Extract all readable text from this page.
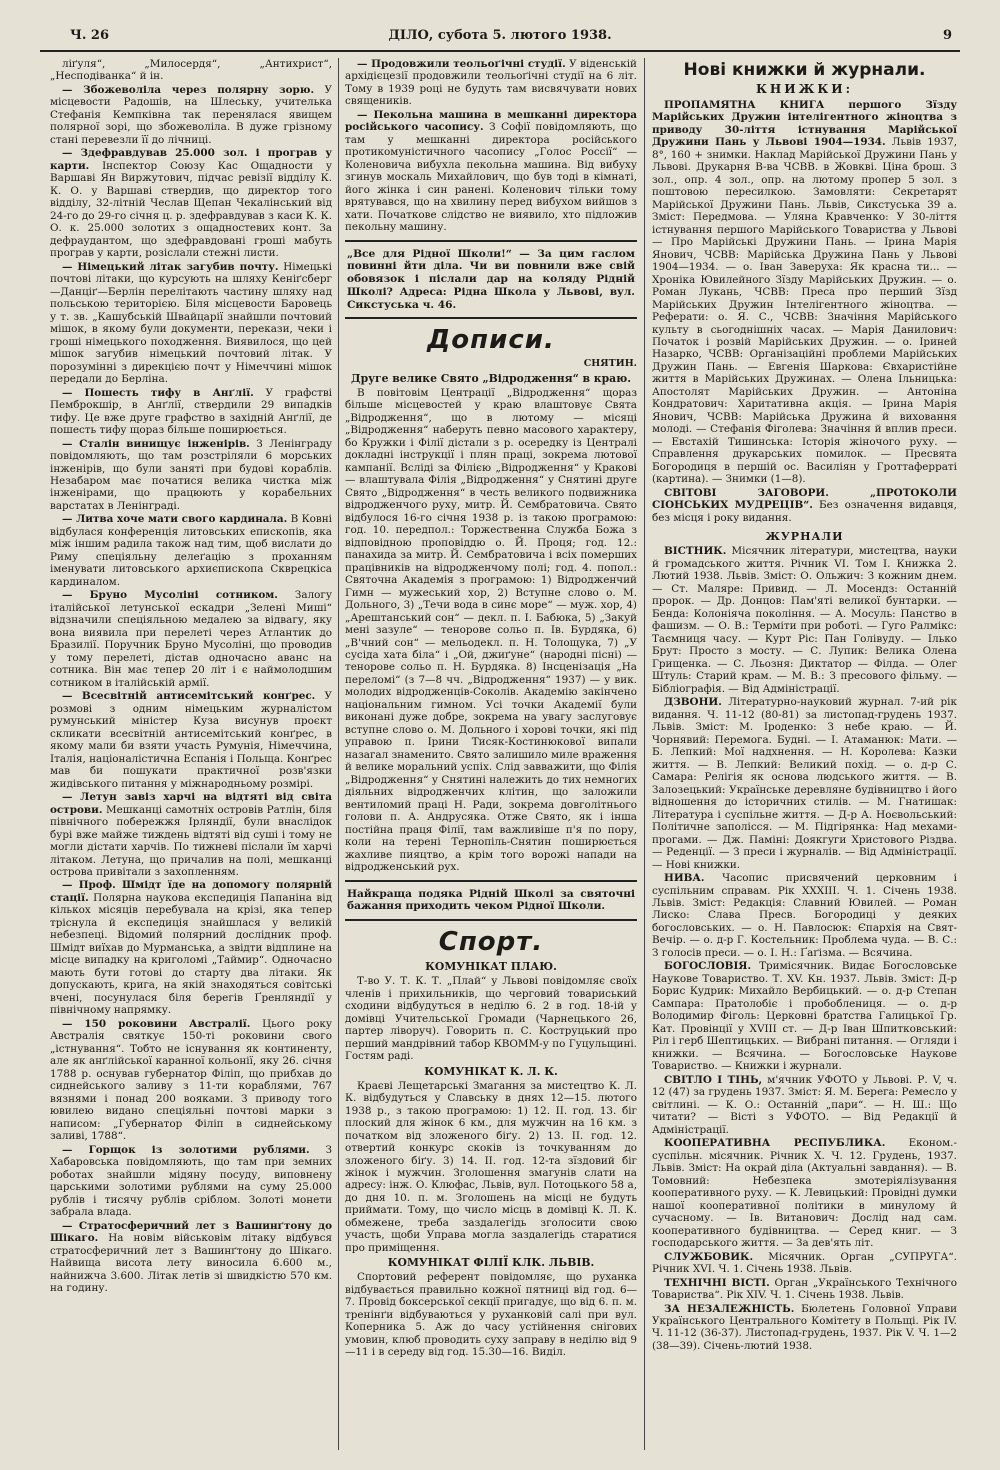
Ч. 26	ДІЛО, субота 5. лютого 1938.	9

ліґуля“, „Милосердя“, „Антихрист“, „Несподіванка“ й ін.

— Збожеволіла через полярну зорю. У місцевости Радошів, на Шлеську, учителька Стефанія Кемпківна так перенялася явищем полярної зорі, що збожеволіла. В дуже грізному стані перевезли її до лічниці.

— Здефравдував 25.000 зол. і програв у карти. Інспектор Союзу Кас Ощадности у Варшаві Ян Виржутович, підчас ревізії відділу К. К. О. у Варшаві ствердив, що директор того відділу, 32-літній Чеслав Щепан Чекалінський від 24-го до 29-го січня ц. р. здефравдував з каси К. К. О. к. 25.000 золотих з ощадностевих конт. За дефраудантом, що здефравдовані гроші мабуть програв у карти, розіслали стежні листи.

— Німецький літак загубив почту. Німецькі почтові літаки, що курсують на шляху Кеніґсберг—Данціґ—Берлін перелітають частину шляху над польською територією. Біля місцевости Баровець у т. зв. „Кашубській Швайцарії знайшли почтовий мішок, в якому були документи, перекази, чеки і гроші німецького походження. Виявилося, що цей мішок загубив німецький почтовий літак. У порозумінні з дирекцією почт у Німеччині мішок передали до Берліна.

— Пошесть тифу в Анґлії. У графстві Пемброкшір, в Анґлії, ствердили 29 випадків тифу. Це вже друге графство в західній Анґлії, де пошесть тифу щораз більше поширюється.

— Сталін винищує інженірів. З Ленінграду повідомляють, що там розстріляли 6 морських інженірів, що були заняті при будові кораблів. Незабаром має початися велика чистка між інженірами, що працюють у корабельних варстатах в Ленінграді.

— Литва хоче мати свого кардинала. В Ковні відбулася конференція литовських епископів, яка між іншим радила також над тим, щоб вислати до Риму спеціяльну делеґацію з проханням іменувати литовського архиєпископа Скврецкіса кардиналом.

— Бруно Мусоліні сотником. Залогу італійської летунської ескадри „Зелені Миші“ відзначили спеціяльною медалею за відвагу, яку вона виявила при перелеті через Атлантик до Бразилії. Поручник Бруно Мусоліні, що проводив у тому перелеті, дістав одночасно аванс на сотника. Він має тепер 20 літ і є наймолодшим сотником в італійській армії.

— Всесвітній антисемітський конґрес. У розмові з одним німецьким журналістом румунський міністер Куза висунув проєкт скликати всесвітній антисемітський конґрес, в якому мали би взяти участь Румунія, Німеччина, Італія, націоналістична Еспанія і Польща. Конґрес мав би пошукати практичної розв'язки жидівського питання у міжнародньому розмірі.

— Летун завіз харчі на відтяті від світа острови. Мешканці самотніх островів Ратлін, біля північного побережжя Ірляндії, були внаслідок бурі вже майже тиждень відтяті від суші і тому не могли дістати харчів. По тижневі післали їм харчі літаком. Летуна, що причалив на полі, мешканці острова привітали з захопленням.

— Проф. Шмідт їде на допомогу полярній стації. Полярна наукова експедиція Папаніна від кількох місяців перебувала на крізі, яка тепер тріснула й експедиція знайшлася у великій небезпеці. Відомий полярний дослідник проф. Шмідт виїхав до Мурманська, а звідти відплине на місце випадку на криголомі „Таймир“. Одночасно мають бути готові до старту два літаки. Як допускають, крига, на якій знаходяться совітські вчені, посунулася біля берегів Ґренляндії у північному напрямку.

— 150 роковини Австралії. Цього року Австралія святкує 150-ті роковини свого „істнування“. Тобто не існування як континенту, але як анґлійської каранної кольонії, яку 26. січня 1788 р. оснував губернатор Філіп, що прибхав до сиднейського заливу з 11-ти кораблями, 767 вязнями і понад 200 вояками. З приводу того ювилею видано спеціяльні почтові марки з написом: „Губернатор Філіп в сиднейському заливі, 1788“.

— Горщок із золотими рублями. З Хабаровська повідомляють, що там при земних роботах знайшли мідяну посуду, виповнену царськими золотими рублями на суму 25.000 рублів і тисячу рублів сріблом. Золоті монети забрала влада.

— Стратосферичний лет з Вашинґтону до Шікаго. На новім військовім літаку відбувся стратосферичний лет з Вашинґтону до Шікаго. Найвища висота лету виносила 6.600 м., найнижча 3.600. Літак летів зі швидкістю 570 км. на годину.

— Продовжили теольоґічні студії. У віденській архідієцезії продовжили теольоґічні студії на 6 літ. Тому в 1939 році не будуть там висвячувати нових священиків.

— Пекольна машина в мешканні директора російського часопису. З Софії повідомляють, що там у мешканні директора російського протикомуністичного часопису „Голос Россії“ — Коленовича вибухла пекольна машина. Від вибуху згинув москаль Михайлович, що був тоді в кімнаті, його жінка і син ранені. Коленович тільки тому врятувався, що на хвилину перед вибухом вийшов з хати. Початкове слідство не виявило, хто підложив пекольну машину.

„Все для Рідної Школи!“ — За цим гаслом повинні йти діла. Чи ви повнили вже свій обовязок і післали дар на коляду Рідній Школі? Адреса: Рідна Школа у Львові, вул. Сикстуська ч. 46.
Дописи.
СНЯТИН.
Друге велике Свято „Відродження“ в краю.

В повітовім Центрації „Відродження“ щораз більше місцевостей у краю влаштовує Свята „Відродження“, що в лютому — місяці „Відродження“ наберуть певно масового характеру, бо Кружки і Філії дістали з р. осередку із Централі докладні інструкції і плян праці, зокрема лютової кампанії. Всліді за Філією „Відродження“ у Кракові — влаштувала Філія „Відродження“ у Снятині друге Свято „Відродження“ в честь великого подвижника відродженчого руху, митр. Й. Сембратовича. Свято відбулося 16-го січня 1938 р. із такою програмою: год. 10. передпол.: Торжественна Служба Божа з відповідною проповіддю о. Й. Проця; год. 12.: панахида за митр. Й. Сембратовича і всіх померших працівників на відродженчому полі; год. 4. попол.: Святочна Академія з програмою: 1) Відродженчий Гимн — мужеський хор, 2) Вступне слово о. М. Дольного, 3) „Течи вода в синє море“ — муж. хор, 4) „Арештанський сон“ — декл. п. І. Бабюка, 5) „Закуй мені зазуле“ — тенорове сольо п. Ів. Бурдяка, 6) „В'чний сон“ — мельодекл. п. Н. Толощука, 7) „У сусіда хата біла“ і „Ой, джиґуне“ (народні пісні) — тенорове сольо п. Н. Бурдяка. 8) Інсценізація „На переломі“ (з 7—8 чч. „Відродження“ 1937) — у вик. молодих відродженців-Соколів. Академію закінчено національним гимном. Усі точки Академії були виконані дуже добре, зокрема на увагу заслуговує вступне слово о. М. Дольного і хорові точки, які під управою п. Ірини Тисяк-Костинюкової випали назагал знаменито. Свято залишило миле враження й велике моральний успіх. Слід завважити, що Філія „Відродження“ у Снятині належить до тих немногих діяльних відродженчих клітин, що заложили вентиломий праці Н. Ради, зокрема довголітнього голови п. А. Андрусяка. Отже Свято, як і інша постійна праця Філії, там важливіше п'я по пору, коли на терені Тернопіль-Снятин поширюється жахливе пияцтво, а крім того ворожі напади на відродженський рух.

Найкраща подяка Рідній Школі за святочні бажання приходить чеком Рідної Школи.
Спорт.
КОМУНІКАТ ПЛАЮ.

Т-во У. Т. К. Т. „Плай“ у Львові повідомляє своїх членів і прихильників, що черговий товариський сходини відбудуться в неділю 6. 2 в год. 18-ій у домівці Учительської Громади (Чарнецького 26, партер ліворуч). Говорить п. С. Коструцький про перший мандрівний табор КВОММ-у по Гуцульщині. Гостям раді.

КОМУНІКАТ К. Л. К.

Краєві Лещетарські Змагання за мистецтво К. Л. К. відбудуться у Славську в днях 12—15. лютого 1938 р., з такою програмою: 1) 12. II. год. 13. біг плоский для жінок 6 км., для мужчин на 16 км. з початком від зложеного біґу. 2) 13. II. год. 12. отвертий конкурс скоків із точкуванням до зложеного біґу. 3) 14. II. год. 12-та зїздовий біг жінок і мужчин. Зголошення змагунів слати на адресу: інж. О. Клюфас, Львів, вул. Потоцького 58 а, до дня 10. п. м. Зголошень на місці не будуть приймати. Тому, що число місць в домівці К. Л. К. обмежене, треба заздалегідь зголосити свою участь, щоби Управа могла заздалегідь старатися про приміщення.

КОМУНІКАТ ФІЛІЇ КЛК. ЛЬВІВ.

Спортовий референт повідомляє, що руханка відбувається правильно кожної пятниці від год. 6—7. Провід боксерської секції пригадує, що від 6. п. м. тренінґи відбуваються у руханковій салі при вул. Коперника 5. Аж до часу устійнення снігових умовин, клюб проводить суху заправу в неділю від 9—11 і в середу від год. 15.30—16. Виділ.

Нові книжки й журнали.
КНИЖКИ:

ПРОПАМЯТНА КНИГА першого Зїзду Марійських Дружин інтелігентного жіноцтва з приводу 30-ліття істнування Марійської Дружини Пань у Львові 1904—1934. Львів 1937, 8°, 160 + знимки. Наклад Марійської Дружини Пань у Львові. Друкарня В-ва ЧСВВ. в Жовкві. Ціна брош. 3 зол., опр. 4 зол., опр. на лютому пропер 5 зол. з поштовою пересилкою. Замовляти: Секретарят Марійської Дружини Пань. Львів, Сикстуська 39 а. Зміст: Передмова. — Уляна Кравченко: У 30-ліття істнування першого Марійського Товариства у Львові — Про Марійські Дружини Пань. — Ірина Марія Янович, ЧСВВ: Марійська Дружина Пань у Львові 1904—1934. — о. Іван Заверуха: Як красна ти... — Хроніка Ювилейного Зїзду Марійських Дружин. — о. Роман Лукань, ЧСВВ: Преса про перший Зїзд Марійських Дружин Інтелігентного жіноцтва. — Реферати: о. Я. С., ЧСВВ: Значіння Марійського культу в сьогоднішніх часах. — Марія Данилович: Початок і розвій Марійських Дружин. — о. Іриней Назарко, ЧСВВ: Організаційні проблеми Марійських Дружин Пань. — Евгенія Шаркова: Євхаристійне життя в Марійських Дружинах. — Олена Ільницька: Апостолят Марійських Дружин. — Антоніна Кондратович: Харитативна акція. — Ірина Марія Янович, ЧСВВ: Марійська Дружина й виховання молоді. — Стефанія Фіголева: Значіння й вплив преси. — Евстахій Тишинська: Історія жіночого руху. — Справлення друкарських помилок. — Пресвята Богородиця в першій ос. Василіян у Гроттаферраті (картина). — Знимки (1—8).

СВІТОВІ ЗАГОВОРИ. „ПРОТОКОЛИ СІОНСЬКИХ МУДРЕЦІВ“. Без означення видавця, без місця і року видання.

ЖУРНАЛИ

ВІСТНИК. Місячник літератури, мистецтва, науки й громадського життя. Річник VI. Том I. Книжка 2. Лютий 1938. Львів. Зміст: О. Ольжич: З кожним днем. — Ст. Маляре: Привид. — Л. Мосендз: Останній пророк. — Др. Донцов: Пам'яті великої бунтарки. — Бенда: Колоніяча покоління. — А. Мосуль: Панство в фашизм. — О. В.: Терміти при роботі. — Гуго Ралмікс: Таємниця часу. — Курт Ріс: Пан Голівуду. — Ілько Брут: Просто з мосту. — С. Лупик: Велика Олена Грищенка. — С. Льозня: Диктатор — Філда. — Олег Штуль: Старий крам. — М. В.: З пресового фільму. — Бібліографія. — Від Адміністрації.

ДЗВОНИ. Літературно-науковий журнал. 7-ий рік видання. Ч. 11-12 (80-81) за листопад-грудень 1937. Львів. Зміст: М. Іроденко: З небе краю. — Й. Чорнявий: Перемога. Будні. — І. Атаманюк: Мати. — Б. Лепкий: Мої надхнення. — Н. Королева: Казки життя. — В. Лепкий: Великий похід. — о. д-р С. Самара: Релігія як основа людського життя. — В. Залозецький: Українське деревляне будівництво і його відношення до історичних стилів. — М. Гнатишак: Література і суспільне життя. — Д-р А. Ноєвольський: Політичне заполісся. — М. Підгірянка: Над мехами-прогами. — Дж. Паміні: Доякгуги Христового Різдва. — Реденції. — З преси і журналів. — Від Адміністрації. — Нові книжки.

НИВА. Часопис присвячений церковним і суспільним справам. Рік XXXIII. Ч. 1. Січень 1938. Львів. Зміст: Редакція: Славний Ювилей. — Роман Лиско: Слава Пресв. Богородиці у деяких богословських. — о. Н. Павлосюк: Єпархія на Свят-Вечір. — о. д-р Г. Костельник: Проблема чуда. — В. С.: З голосів преси. — о. І. Н.: Ґаґізма. — Всячина.

БОГОСЛОВІЯ. Тримісячник. Видає Богословське Наукове Товариство. Т. XV. Кн. 1937. Львів. Зміст: Д-р Борис Кудрик: Михайло Вербицький. — о. д-р Степан Сампара: Пратолобіє і пробоблениця. — о. д-р Володимир Фіголь: Церковні братства Галицької Гр. Кат. Провінції у XVIII ст. — Д-р Іван Шпитковський: Ріл і герб Шептицьких. — Вибрані питання. — Огляди і книжки. — Всячина. — Богословське Наукове Товариство. — Книжки і журнали.

СВІТЛО І ТІНЬ, м'ячник УФОТО у Львові. Р. V, ч. 12 (47) за грудень 1937. Зміст: Я. М. Берега: Ремесло у світлині. — К. О.: Останній „пари“. — Н. Ш.: Що читати? — Вісті з УФОТО. — Від Редакції й Адміністрації.

КООПЕРАТИВНА РЕСПУБЛИКА. Економ.-суспільн. місячник. Річник X. Ч. 12. Грудень, 1937. Львів. Зміст: На окрай діла (Актуальні завдання). — В. Томовний: Небезпека змотеріялізування кооперативного руху. — К. Левицький: Провідні думки нашої кооперативної політики в минулому й сучасному. — Ів. Витанович: Дослід над сам. кооперативного будівництва. — Серед книг. — З господарського життя. — За дев'ять літ.

СЛУЖБОВИК. Місячник. Орган „СУПРУГА“. Річник XVI. Ч. 1. Січень 1938. Львів.

ТЕХНІЧНІ ВІСТІ. Орган „Українського Технічного Товариства“. Рік XIV. Ч. 1. Січень 1938. Львів.

ЗА НЕЗАЛЕЖНІСТЬ. Бюлетень Головної Управи Українського Центрального Комітету в Польщі. Рік IV. Ч. 11-12 (36-37). Листопад-грудень, 1937. Рік V. Ч. 1—2 (38—39). Січень-лютий 1938.
